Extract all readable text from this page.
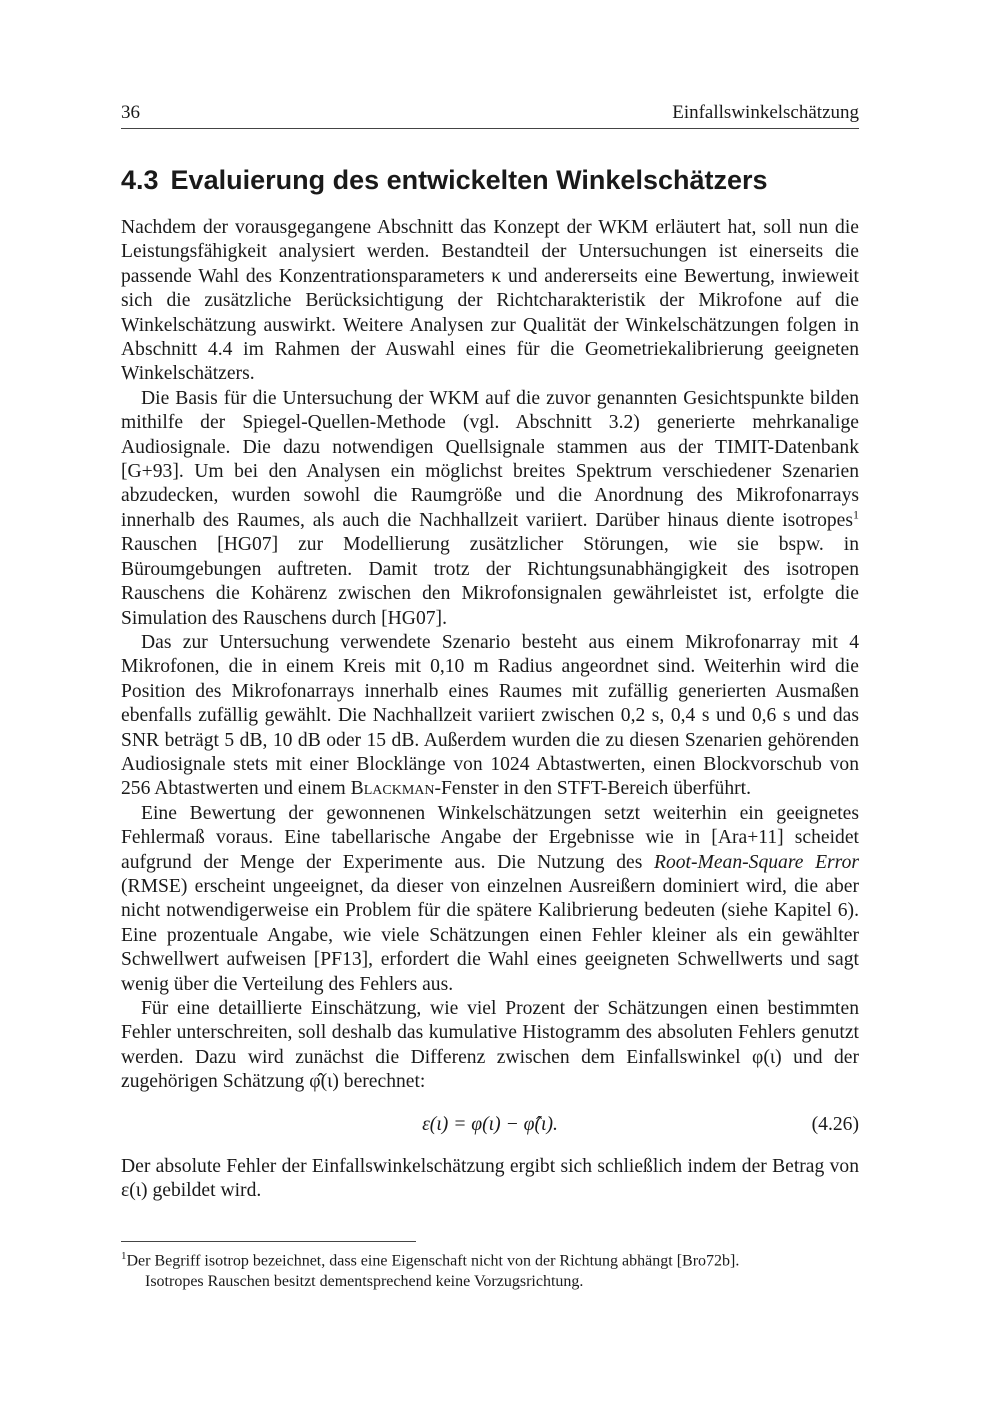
36	Einfallswinkelschätzung
4.3 Evaluierung des entwickelten Winkelschätzers

Nachdem der vorausgegangene Abschnitt das Konzept der WKM erläutert hat, soll nun die Leistungsfähigkeit analysiert werden. Bestandteil der Untersuchungen ist einerseits die passende Wahl des Konzentrationsparameters κ und andererseits eine Bewertung, inwieweit sich die zusätzliche Berücksichtigung der Richtcharakteristik der Mikrofone auf die Winkelschätzung auswirkt. Weitere Analysen zur Qualität der Winkelschätzungen folgen in Abschnitt 4.4 im Rahmen der Auswahl eines für die Geometriekalibrierung geeigneten Winkelschätzers.

Die Basis für die Untersuchung der WKM auf die zuvor genannten Gesichtspunkte bilden mithilfe der Spiegel-Quellen-Methode (vgl. Abschnitt 3.2) generierte mehrkanalige Audiosignale. Die dazu notwendigen Quellsignale stammen aus der TIMIT-Datenbank [G+93]. Um bei den Analysen ein möglichst breites Spektrum verschiedener Szenarien abzudecken, wurden sowohl die Raumgröße und die Anordnung des Mikrofonarrays innerhalb des Raumes, als auch die Nachhallzeit variiert. Darüber hinaus diente isotropes$^1$ Rauschen [HG07] zur Modellierung zusätzlicher Störungen, wie sie bspw. in Büroumgebungen auftreten. Damit trotz der Richtungsunabhängigkeit des isotropen Rauschens die Kohärenz zwischen den Mikrofonsignalen gewährleistet ist, erfolgte die Simulation des Rauschens durch [HG07].

Das zur Untersuchung verwendete Szenario besteht aus einem Mikrofonarray mit 4 Mikrofonen, die in einem Kreis mit 0,10 m Radius angeordnet sind. Weiterhin wird die Position des Mikrofonarrays innerhalb eines Raumes mit zufällig generierten Ausmaßen ebenfalls zufällig gewählt. Die Nachhallzeit variiert zwischen 0,2 s, 0,4 s und 0,6 s und das SNR beträgt 5 dB, 10 dB oder 15 dB. Außerdem wurden die zu diesen Szenarien gehörenden Audiosignale stets mit einer Blocklänge von 1024 Abtastwerten, einen Blockvorschub von 256 Abtastwerten und einem Blackman-Fenster in den STFT-Bereich überführt.

Eine Bewertung der gewonnenen Winkelschätzungen setzt weiterhin ein geeignetes Fehlermaß voraus. Eine tabellarische Angabe der Ergebnisse wie in [Ara+11] scheidet aufgrund der Menge der Experimente aus. Die Nutzung des Root-Mean-Square Error (RMSE) erscheint ungeeignet, da dieser von einzelnen Ausreißern dominiert wird, die aber nicht notwendigerweise ein Problem für die spätere Kalibrierung bedeuten (siehe Kapitel 6). Eine prozentuale Angabe, wie viele Schätzungen einen Fehler kleiner als ein gewählter Schwellwert aufweisen [PF13], erfordert die Wahl eines geeigneten Schwellwerts und sagt wenig über die Verteilung des Fehlers aus.

Für eine detaillierte Einschätzung, wie viel Prozent der Schätzungen einen bestimmten Fehler unterschreiten, soll deshalb das kumulative Histogramm des absoluten Fehlers genutzt werden. Dazu wird zunächst die Differenz zwischen dem Einfallswinkel φ(ι) und der zugehörigen Schätzung φ̂(ι) berechnet:

ε(ι) = φ(ι) − φ̂(ι).	(4.26)

Der absolute Fehler der Einfallswinkelschätzung ergibt sich schließlich indem der Betrag von ε(ι) gebildet wird.

$^1$Der Begriff isotrop bezeichnet, dass eine Eigenschaft nicht von der Richtung abhängt [Bro72b].
Isotropes Rauschen besitzt dementsprechend keine Vorzugsrichtung.
